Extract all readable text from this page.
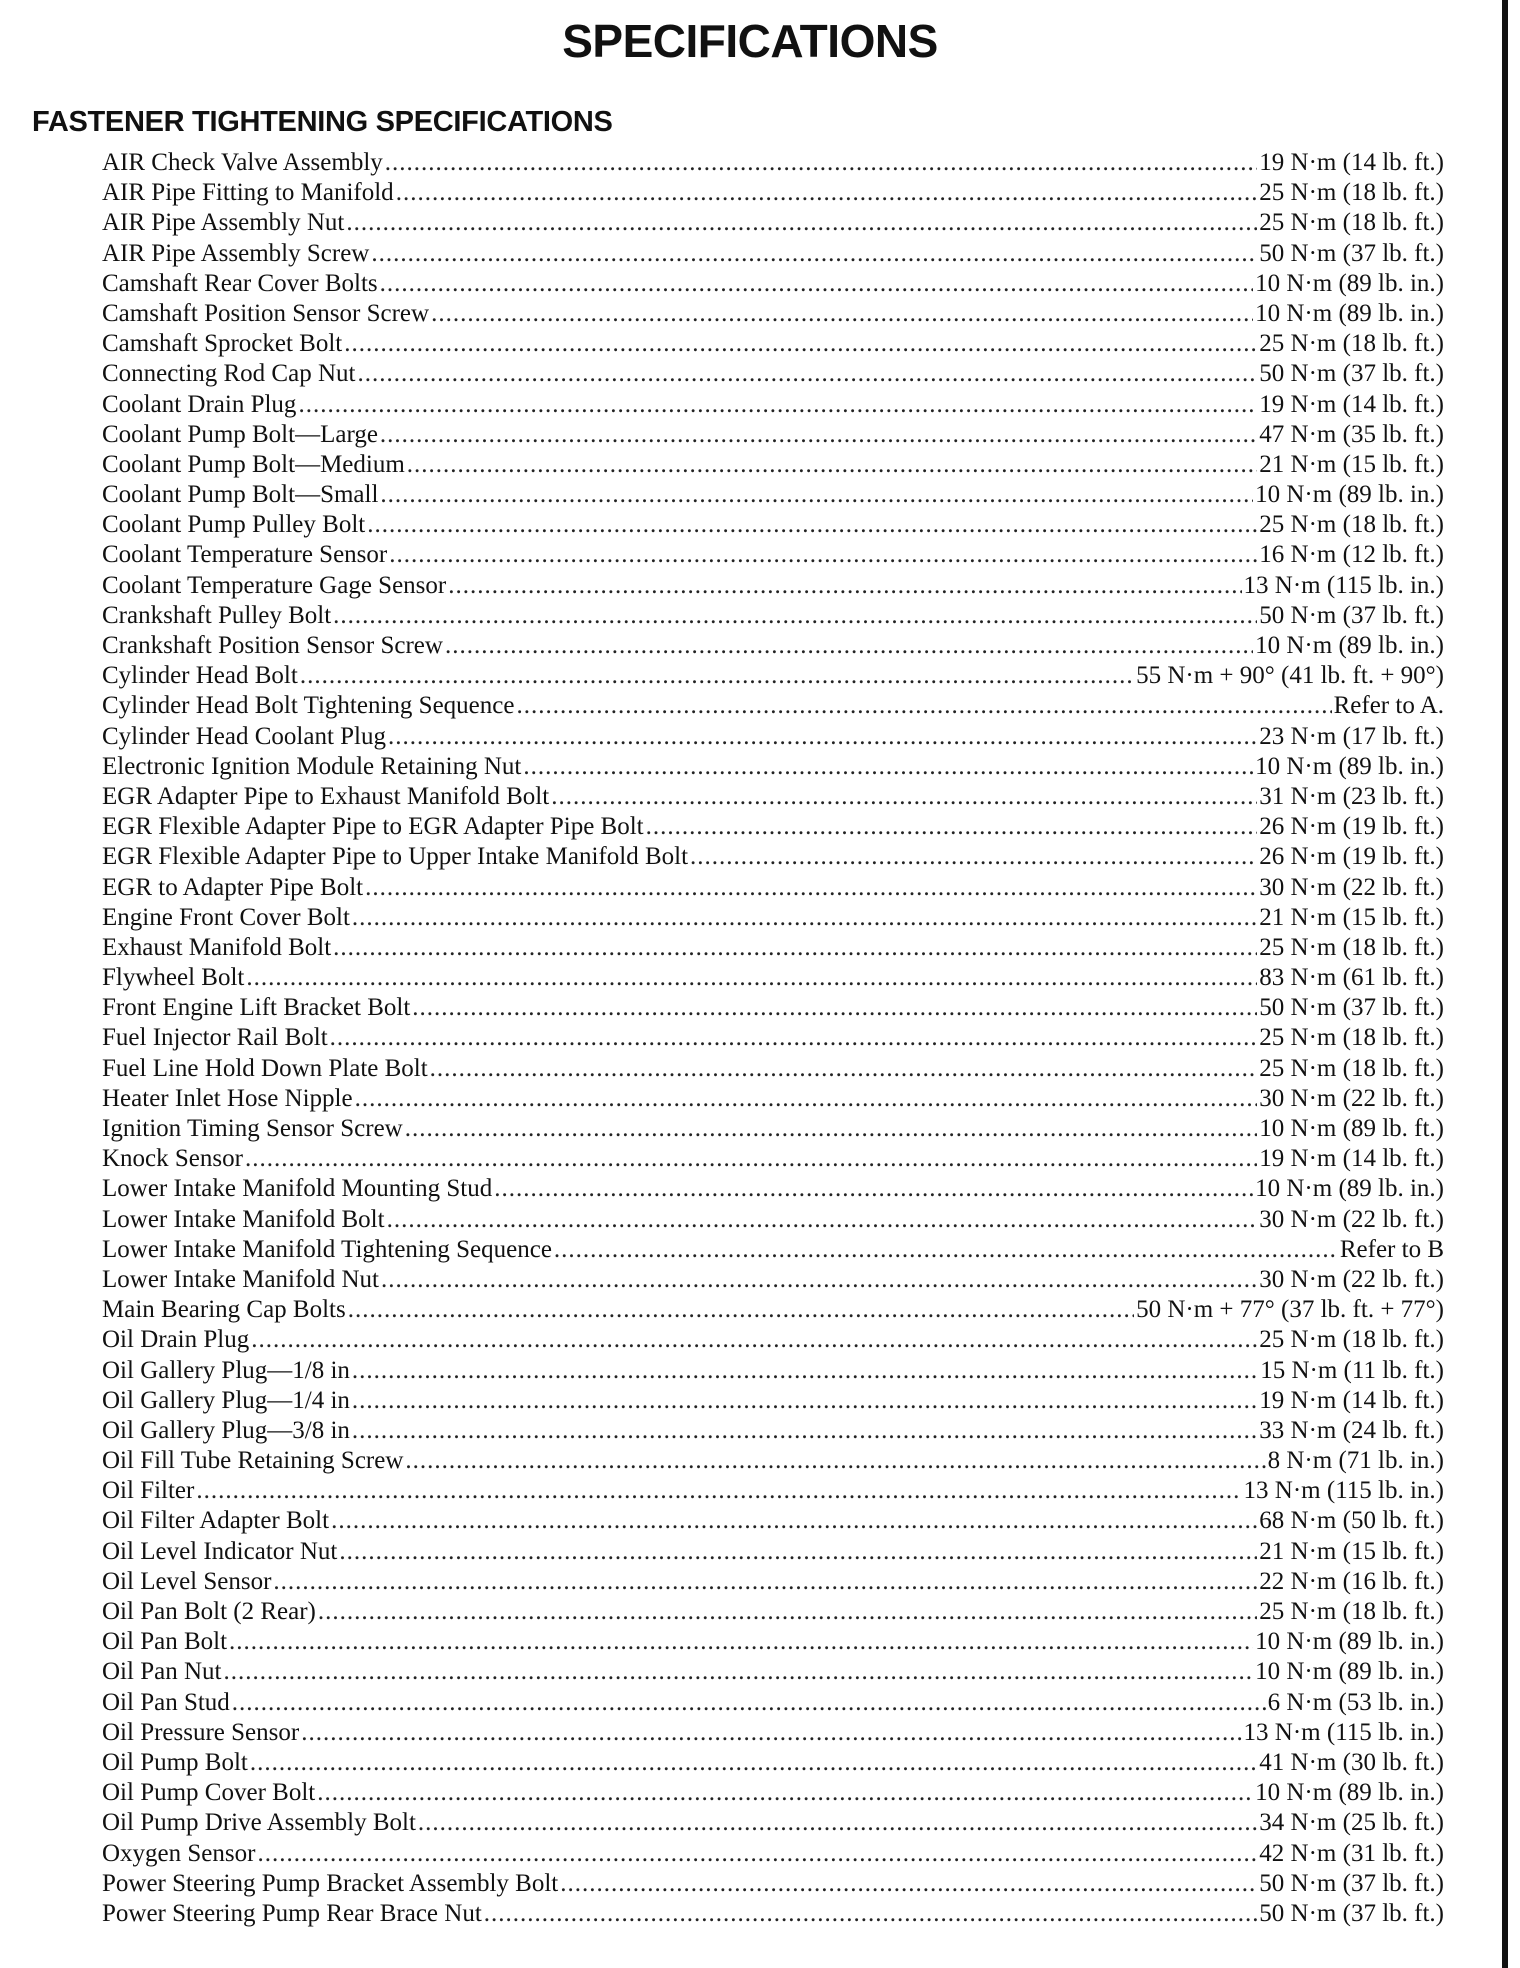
SPECIFICATIONS
FASTENER TIGHTENING SPECIFICATIONS
AIR Check Valve Assembly .....	19 N·m (14 lb. ft.)
AIR Pipe Fitting to Manifold .....	25 N·m (18 lb. ft.)
AIR Pipe Assembly Nut .....	25 N·m (18 lb. ft.)
AIR Pipe Assembly Screw .....	50 N·m (37 lb. ft.)
Camshaft Rear Cover Bolts .....	10 N·m (89 lb. in.)
Camshaft Position Sensor Screw .....	10 N·m (89 lb. in.)
Camshaft Sprocket Bolt .....	25 N·m (18 lb. ft.)
Connecting Rod Cap Nut .....	50 N·m (37 lb. ft.)
Coolant Drain Plug .....	19 N·m (14 lb. ft.)
Coolant Pump Bolt—Large .....	47 N·m (35 lb. ft.)
Coolant Pump Bolt—Medium .....	21 N·m (15 lb. ft.)
Coolant Pump Bolt—Small .....	10 N·m (89 lb. in.)
Coolant Pump Pulley Bolt .....	25 N·m (18 lb. ft.)
Coolant Temperature Sensor .....	16 N·m (12 lb. ft.)
Coolant Temperature Gage Sensor .....	13 N·m (115 lb. in.)
Crankshaft Pulley Bolt .....	50 N·m (37 lb. ft.)
Crankshaft Position Sensor Screw .....	10 N·m (89 lb. in.)
Cylinder Head Bolt .....	55 N·m + 90° (41 lb. ft. + 90°)
Cylinder Head Bolt Tightening Sequence .....	Refer to A.
Cylinder Head Coolant Plug .....	23 N·m (17 lb. ft.)
Electronic Ignition Module Retaining Nut .....	10 N·m (89 lb. in.)
EGR Adapter Pipe to Exhaust Manifold Bolt .....	31 N·m (23 lb. ft.)
EGR Flexible Adapter Pipe to EGR Adapter Pipe Bolt .....	26 N·m (19 lb. ft.)
EGR Flexible Adapter Pipe to Upper Intake Manifold Bolt .....	26 N·m (19 lb. ft.)
EGR to Adapter Pipe Bolt .....	30 N·m (22 lb. ft.)
Engine Front Cover Bolt .....	21 N·m (15 lb. ft.)
Exhaust Manifold Bolt .....	25 N·m (18 lb. ft.)
Flywheel Bolt .....	83 N·m (61 lb. ft.)
Front Engine Lift Bracket Bolt .....	50 N·m (37 lb. ft.)
Fuel Injector Rail Bolt .....	25 N·m (18 lb. ft.)
Fuel Line Hold Down Plate Bolt .....	25 N·m (18 lb. ft.)
Heater Inlet Hose Nipple .....	30 N·m (22 lb. ft.)
Ignition Timing Sensor Screw .....	10 N·m (89 lb. ft.)
Knock Sensor .....	19 N·m (14 lb. ft.)
Lower Intake Manifold Mounting Stud .....	10 N·m (89 lb. in.)
Lower Intake Manifold Bolt .....	30 N·m (22 lb. ft.)
Lower Intake Manifold Tightening Sequence .....	Refer to B
Lower Intake Manifold Nut .....	30 N·m (22 lb. ft.)
Main Bearing Cap Bolts .....	50 N·m + 77° (37 lb. ft. + 77°)
Oil Drain Plug .....	25 N·m (18 lb. ft.)
Oil Gallery Plug—1/8 in .....	15 N·m (11 lb. ft.)
Oil Gallery Plug—1/4 in .....	19 N·m (14 lb. ft.)
Oil Gallery Plug—3/8 in .....	33 N·m (24 lb. ft.)
Oil Fill Tube Retaining Screw .....	8 N·m (71 lb. in.)
Oil Filter .....	13 N·m (115 lb. in.)
Oil Filter Adapter Bolt .....	68 N·m (50 lb. ft.)
Oil Level Indicator Nut .....	21 N·m (15 lb. ft.)
Oil Level Sensor .....	22 N·m (16 lb. ft.)
Oil Pan Bolt (2 Rear) .....	25 N·m (18 lb. ft.)
Oil Pan Bolt .....	10 N·m (89 lb. in.)
Oil Pan Nut .....	10 N·m (89 lb. in.)
Oil Pan Stud .....	6 N·m (53 lb. in.)
Oil Pressure Sensor .....	13 N·m (115 lb. in.)
Oil Pump Bolt .....	41 N·m (30 lb. ft.)
Oil Pump Cover Bolt .....	10 N·m (89 lb. in.)
Oil Pump Drive Assembly Bolt .....	34 N·m (25 lb. ft.)
Oxygen Sensor .....	42 N·m (31 lb. ft.)
Power Steering Pump Bracket Assembly Bolt .....	50 N·m (37 lb. ft.)
Power Steering Pump Rear Brace Nut .....	50 N·m (37 lb. ft.)
